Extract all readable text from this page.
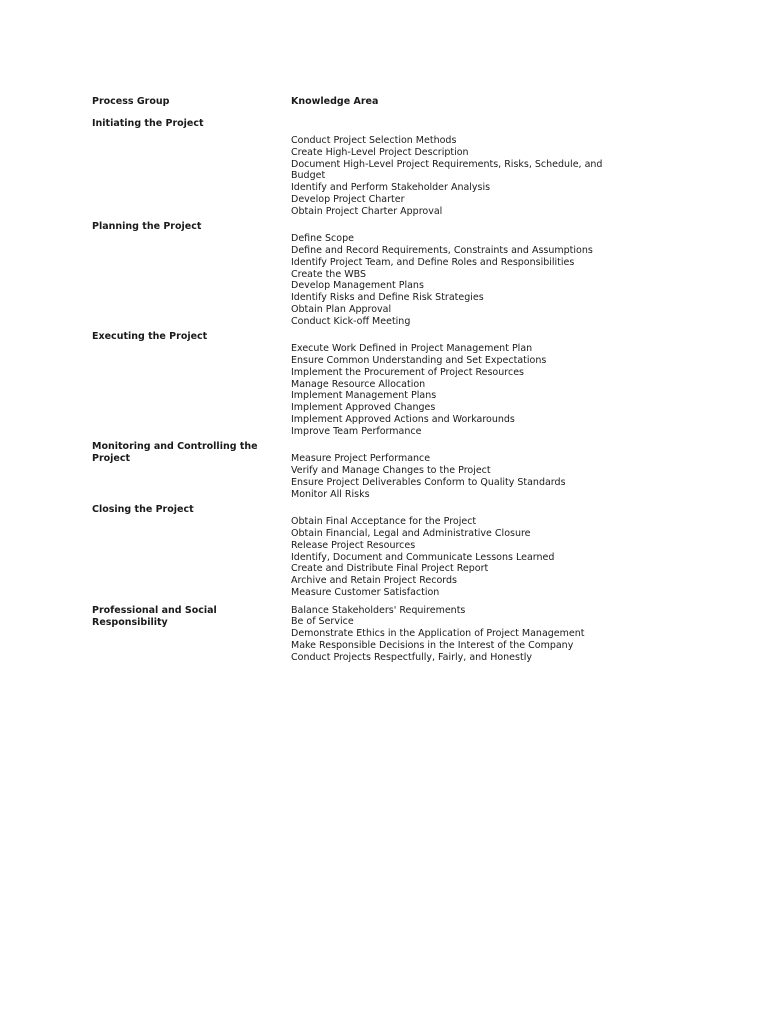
Process Group	Knowledge Area
Initiating the Project
Conduct Project Selection Methods
Create High-Level Project Description
Document High-Level Project Requirements, Risks, Schedule, and Budget
Identify and Perform Stakeholder Analysis
Develop Project Charter
Obtain Project Charter Approval
Planning the Project
Define Scope
Define and Record Requirements, Constraints and Assumptions
Identify Project Team, and Define Roles and Responsibilities
Create the WBS
Develop Management Plans
Identify Risks and Define Risk Strategies
Obtain Plan Approval
Conduct Kick-off Meeting
Executing the Project
Execute Work Defined in Project Management Plan
Ensure Common Understanding and Set Expectations
Implement the Procurement of Project Resources
Manage Resource Allocation
Implement Management Plans
Implement Approved Changes
Implement Approved Actions and Workarounds
Improve Team Performance
Monitoring and Controlling the Project	Measure Project Performance
Verify and Manage Changes to the Project
Ensure Project Deliverables Conform to Quality Standards
Monitor All Risks
Closing the Project
Obtain Final Acceptance for the Project
Obtain Financial, Legal and Administrative Closure
Release Project Resources
Identify, Document and Communicate Lessons Learned
Create and Distribute Final Project Report
Archive and Retain Project Records
Measure Customer Satisfaction
Professional and Social Responsibility
Balance Stakeholders' Requirements
Be of Service
Demonstrate Ethics in the Application of Project Management
Make Responsible Decisions in the Interest of the Company
Conduct Projects Respectfully, Fairly, and Honestly
